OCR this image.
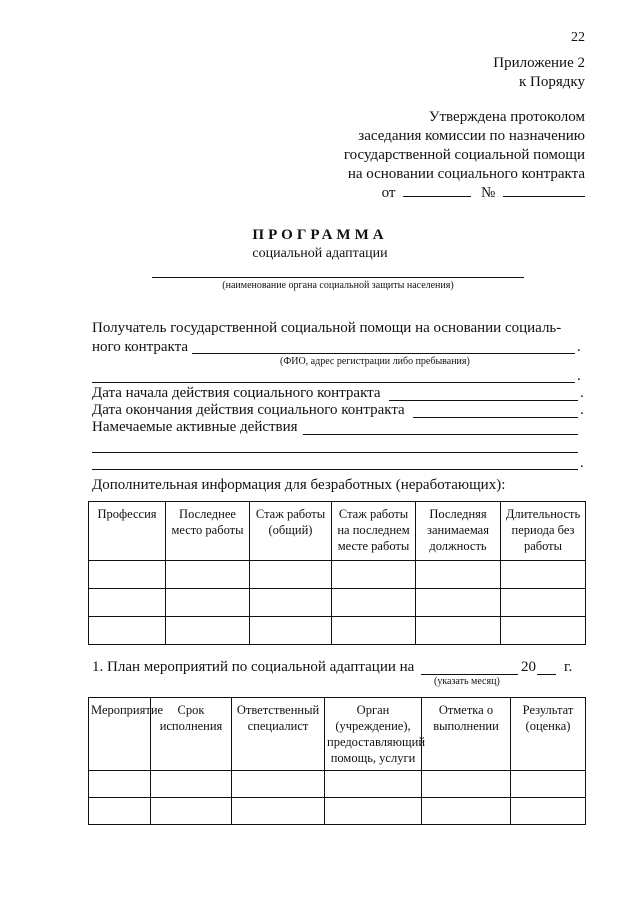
22
Приложение 2
к Порядку
Утверждена протоколом
заседания комиссии по назначению
государственной социальной помощи
на основании социального контракта
от	№
ПРОГРАММА
социальной адаптации
(наименование органа социальной защиты населения)
Получатель государственной социальной помощи на основании социаль-
ного контракта	.
(ФИО, адрес регистрации либо пребывания)
.
Дата начала действия социального контракта	.
Дата окончания действия социального контракта	.
Намечаемые активные действия
.
Дополнительная информация для безработных (неработающих):
Профессия	Последнее место работы	Стаж работы (общий)	Стаж работы на последнем месте работы	Последняя занимаемая должность	Длительность периода без работы

1. План мероприятий по социальной адаптации на	20 г.
(указать месяц)
Мероприятие	Срок исполнения	Ответственный специалист	Орган (учреждение), предоставляющий помощь, услуги	Отметка о выполнении	Результат (оценка)
